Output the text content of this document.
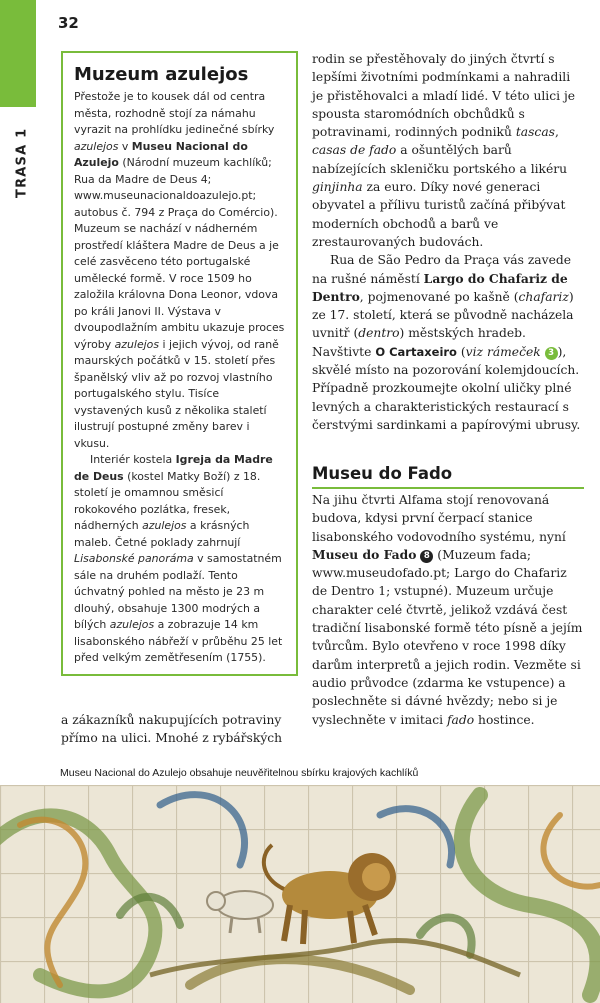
32
TRASA 1
Muzeum azulejos

Přestože je to kousek dál od centra města, rozhodně stojí za námahu vyrazit na prohlídku jedinečné sbírky azulejos v Museu Nacional do Azulejo (Národní muzeum kachlíků; Rua da Madre de Deus 4; www.museunacionaldoazulejo.pt; autobus č. 794 z Praça do Comércio). Muzeum se nachází v nádherném prostředí kláštera Madre de Deus a je celé zasvěceno této portugalské umělecké formě. V roce 1509 ho založila královna Dona Leonor, vdova po králi Janovi II. Výstava v dvoupodlažním ambitu ukazuje proces výroby azulejos i jejich vývoj, od raně maurských počátků v 15. století přes španělský vliv až po rozvoj vlastního portugalského stylu. Tisíce vystavených kusů z několika staletí ilustrují postupné změny barev i vkusu.

Interiér kostela Igreja da Madre de Deus (kostel Matky Boží) z 18. století je omamnou směsicí rokokového pozlátka, fresek, nádherných azulejos a krásných maleb. Četné poklady zahrnují Lisabonské panoráma v samostatném sále na druhém podlaží. Tento úchvatný pohled na město je 23 m dlouhý, obsahuje 1300 modrých a bílých azulejos a zobrazuje 14 km lisabonského nábřeží v průběhu 25 let před velkým zemětřesením (1755).

a zákazníků nakupujících potraviny přímo na ulici. Mnohé z rybářských

rodin se přestěhovaly do jiných čtvrtí s lepšími životními podmínkami a nahradili je přistěhovalci a mladí lidé. V této ulici je spousta staromódních obchůdků s potravinami, rodinných podniků tascas, casas de fado a ošuntělých barů nabízejících skleničku portského a likéru ginjinha za euro. Díky nové generaci obyvatel a přílivu turistů začíná přibývat moderních obchodů a barů ve zrestaurovaných budovách.

Rua de São Pedro da Praça vás zavede na rušné náměstí Largo do Chafariz de Dentro, pojmenované po kašně (chafariz) ze 17. století, která se původně nacházela uvnitř (dentro) městských hradeb. Navštivte O Cartaxeiro (viz rámeček 3 ), skvělé místo na pozorování kolemjdoucích. Případně prozkoumejte okolní uličky plné levných a charakteristických restaurací s čerstvými sardinkami a papírovými ubrusy.

Museu do Fado

Na jihu čtvrti Alfama stojí renovovaná budova, kdysi první čerpací stanice lisabonského vodovodního systému, nyní Museu do Fado 8 (Muzeum fada; www.museudofado.pt; Largo do Chafariz de Dentro 1; vstupné). Muzeum určuje charakter celé čtvrtě, jelikož vzdává čest tradiční lisabonské formě této písně a jejím tvůrcům. Bylo otevřeno v roce 1998 díky darům interpretů a jejich rodin. Vezměte si audio průvodce (zdarma ke vstupence) a poslechněte si dávné hvězdy; nebo si je vyslechněte v imitaci fado hostince.

Museu Nacional do Azulejo obsahuje neuvěřitelnou sbírku krajových kachlíků
